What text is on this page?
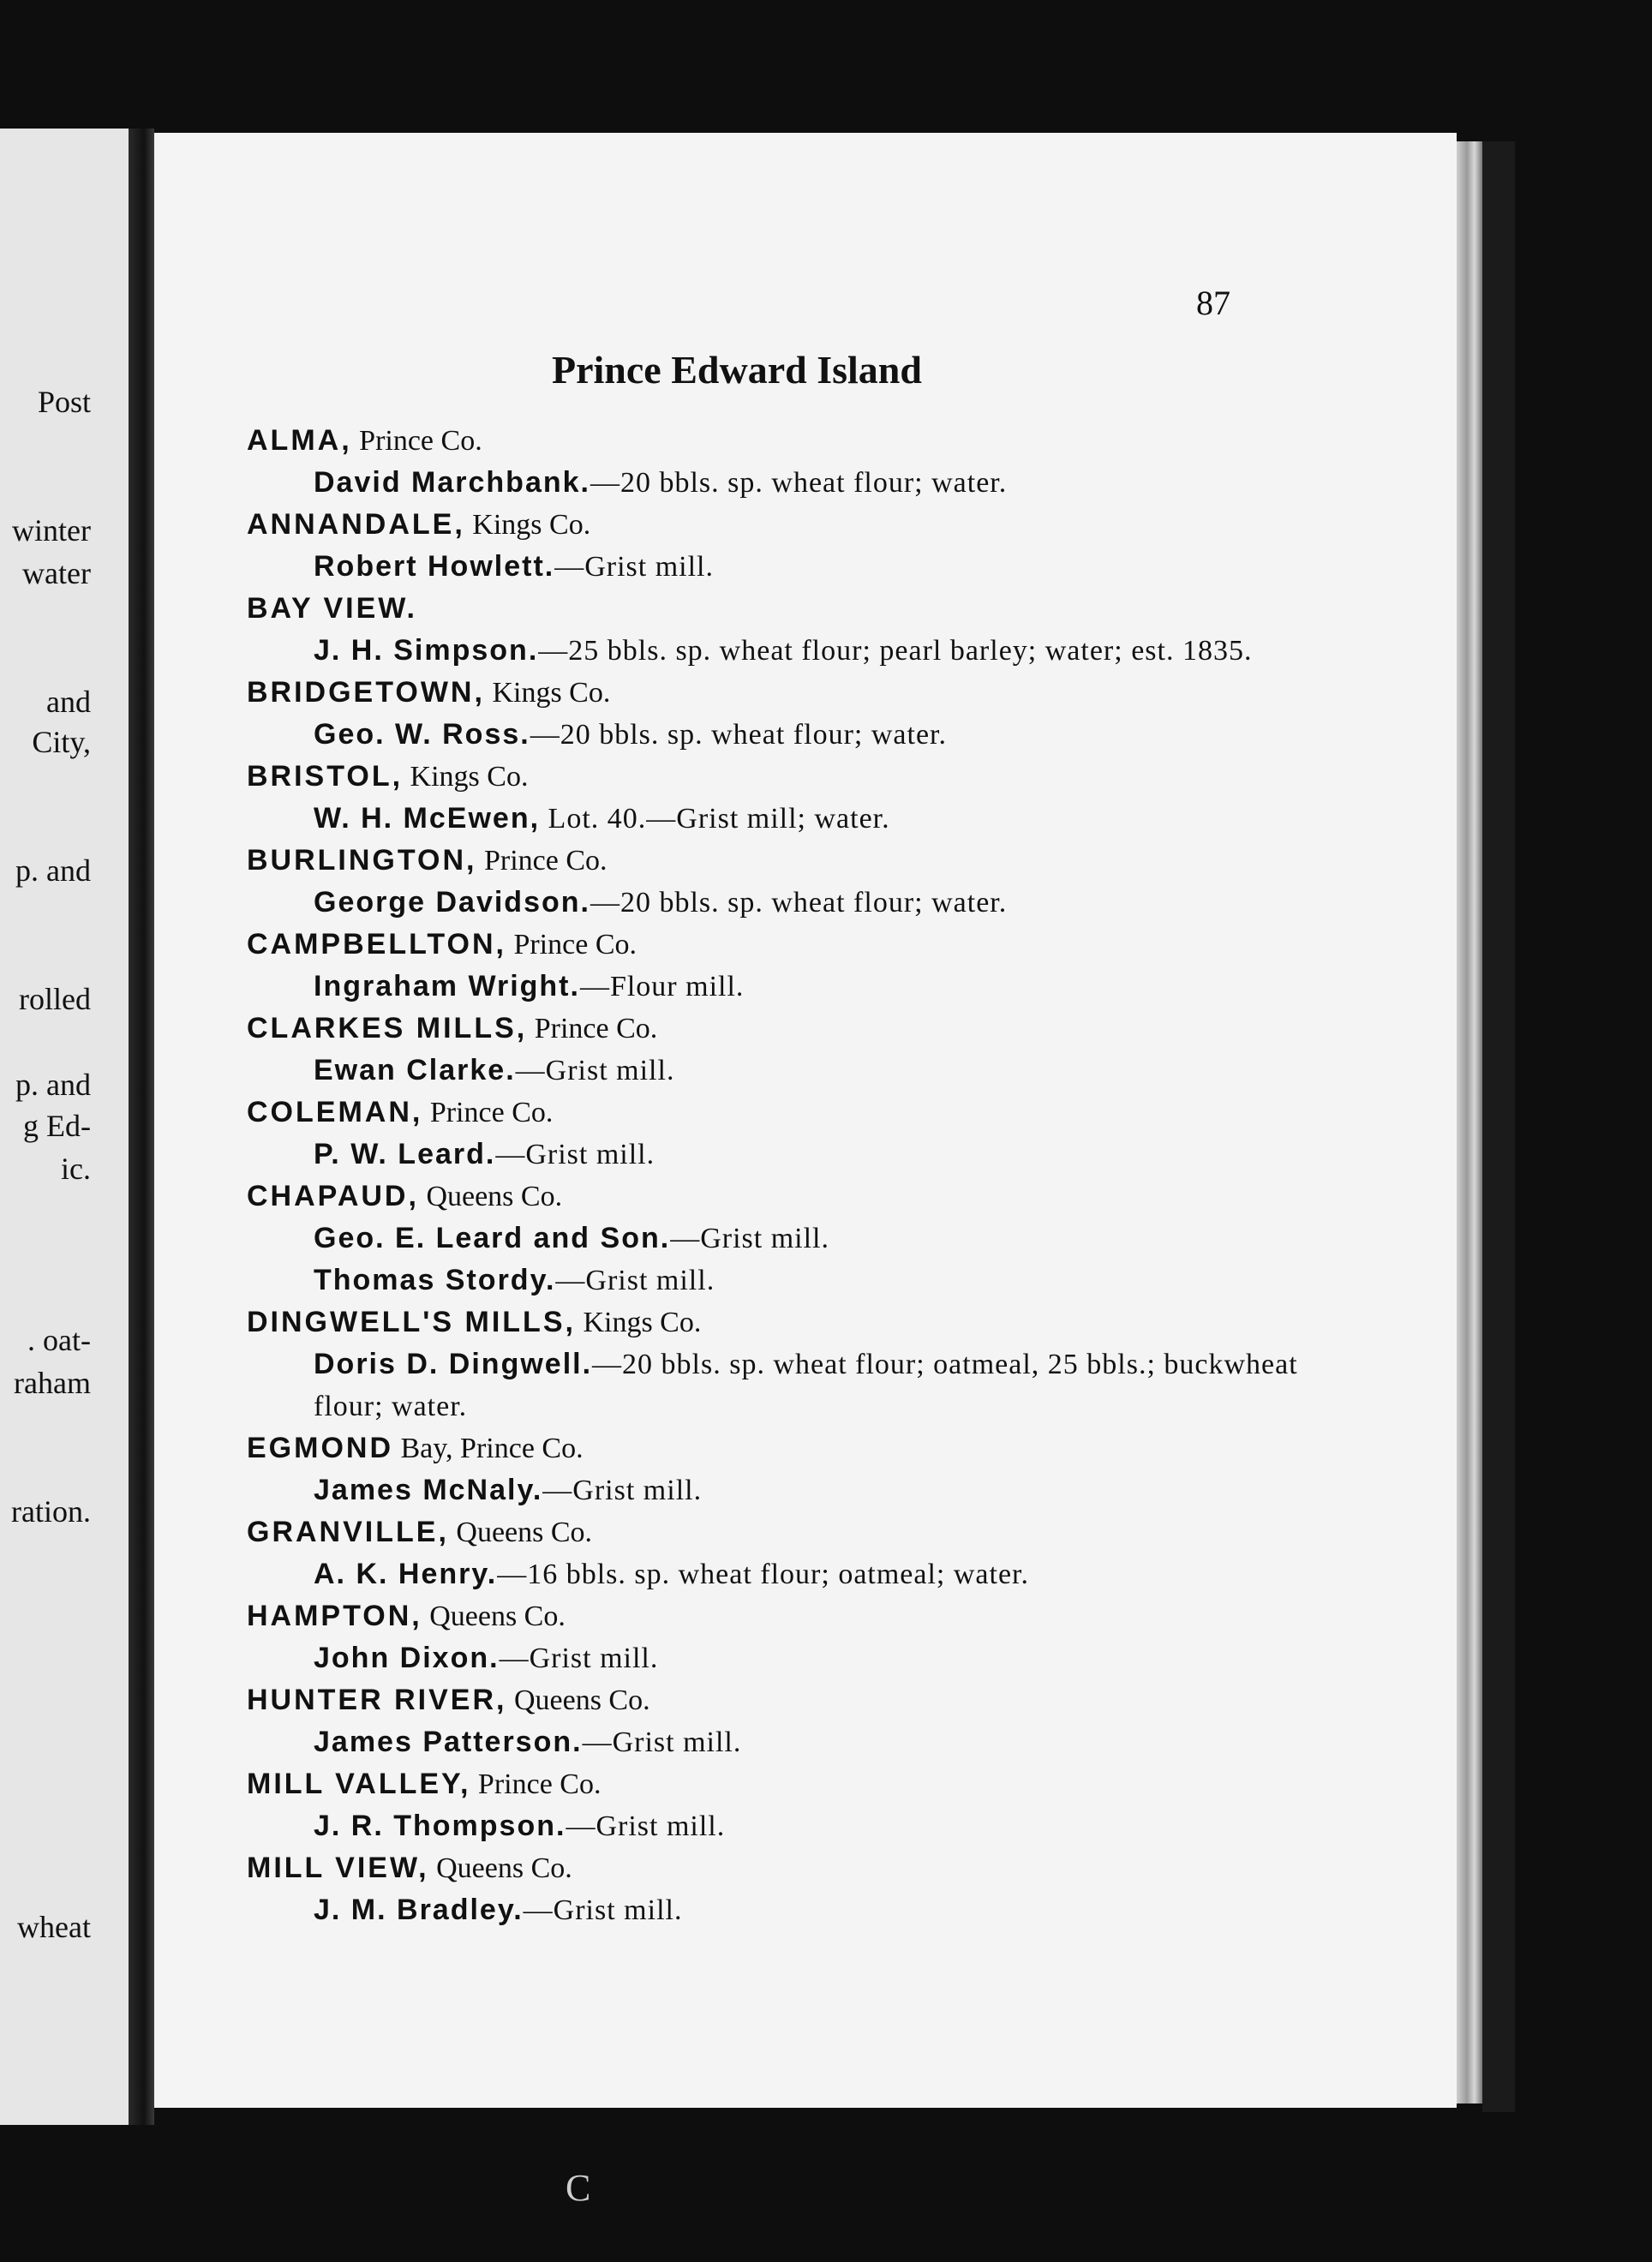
Post
winter
water
and
City,
p. and
rolled
p. and
g Ed-
ic.
. oat-
raham
ration.
wheat
87
Prince Edward Island
ALMA, Prince Co.
David Marchbank.—20 bbls. sp. wheat flour; water.
ANNANDALE, Kings Co.
Robert Howlett.—Grist mill.
BAY VIEW.
J. H. Simpson.—25 bbls. sp. wheat flour; pearl barley; water; est. 1835.
BRIDGETOWN, Kings Co.
Geo. W. Ross.—20 bbls. sp. wheat flour; water.
BRISTOL, Kings Co.
W. H. McEwen, Lot. 40.—Grist mill; water.
BURLINGTON, Prince Co.
George Davidson.—20 bbls. sp. wheat flour; water.
CAMPBELLTON, Prince Co.
Ingraham Wright.—Flour mill.
CLARKES MILLS, Prince Co.
Ewan Clarke.—Grist mill.
COLEMAN, Prince Co.
P. W. Leard.—Grist mill.
CHAPAUD, Queens Co.
Geo. E. Leard and Son.—Grist mill.
Thomas Stordy.—Grist mill.
DINGWELL'S MILLS, Kings Co.
Doris D. Dingwell.—20 bbls. sp. wheat flour; oatmeal, 25 bbls.; buckwheat flour; water.
EGMOND Bay, Prince Co.
James McNaly.—Grist mill.
GRANVILLE, Queens Co.
A. K. Henry.—16 bbls. sp. wheat flour; oatmeal; water.
HAMPTON, Queens Co.
John Dixon.—Grist mill.
HUNTER RIVER, Queens Co.
James Patterson.—Grist mill.
MILL VALLEY, Prince Co.
J. R. Thompson.—Grist mill.
MILL VIEW, Queens Co.
J. M. Bradley.—Grist mill.
C
